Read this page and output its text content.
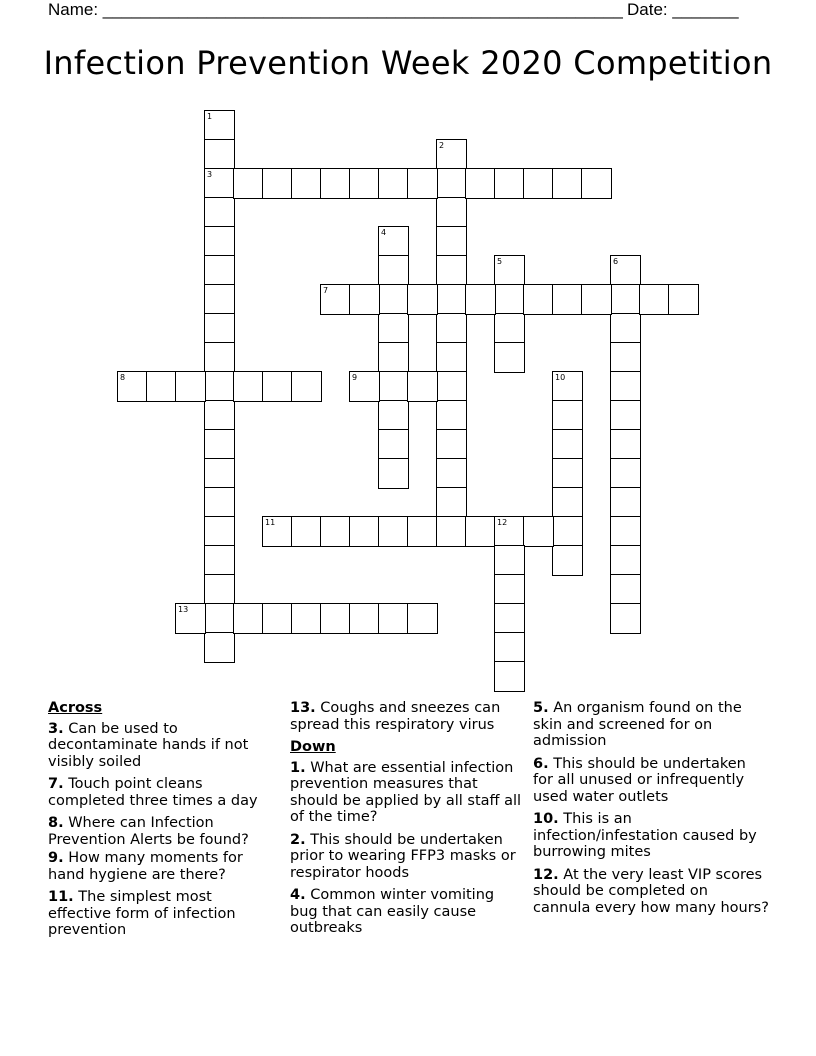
Name: _______________________________________________________ Date: _______
Infection Prevention Week 2020 Competition
1
3
2
4
5	6
7
8	9	10
11	12
13
Across
3. Can be used to decontaminate hands if not visibly soiled
7. Touch point cleans completed three times a day
8. Where can Infection Prevention Alerts be found?
9. How many moments for hand hygiene are there?
11. The simplest most effective form of infection prevention
13. Coughs and sneezes can spread this respiratory virus
Down
1. What are essential infection prevention measures that should be applied by all staff all of the time?
2. This should be undertaken prior to wearing FFP3 masks or respirator hoods
4. Common winter vomiting bug that can easily cause outbreaks
5. An organism found on the skin and screened for on admission
6. This should be undertaken for all unused or infrequently used water outlets
10. This is an infection/infestation caused by burrowing mites
12. At the very least VIP scores should be completed on cannula every how many hours?
